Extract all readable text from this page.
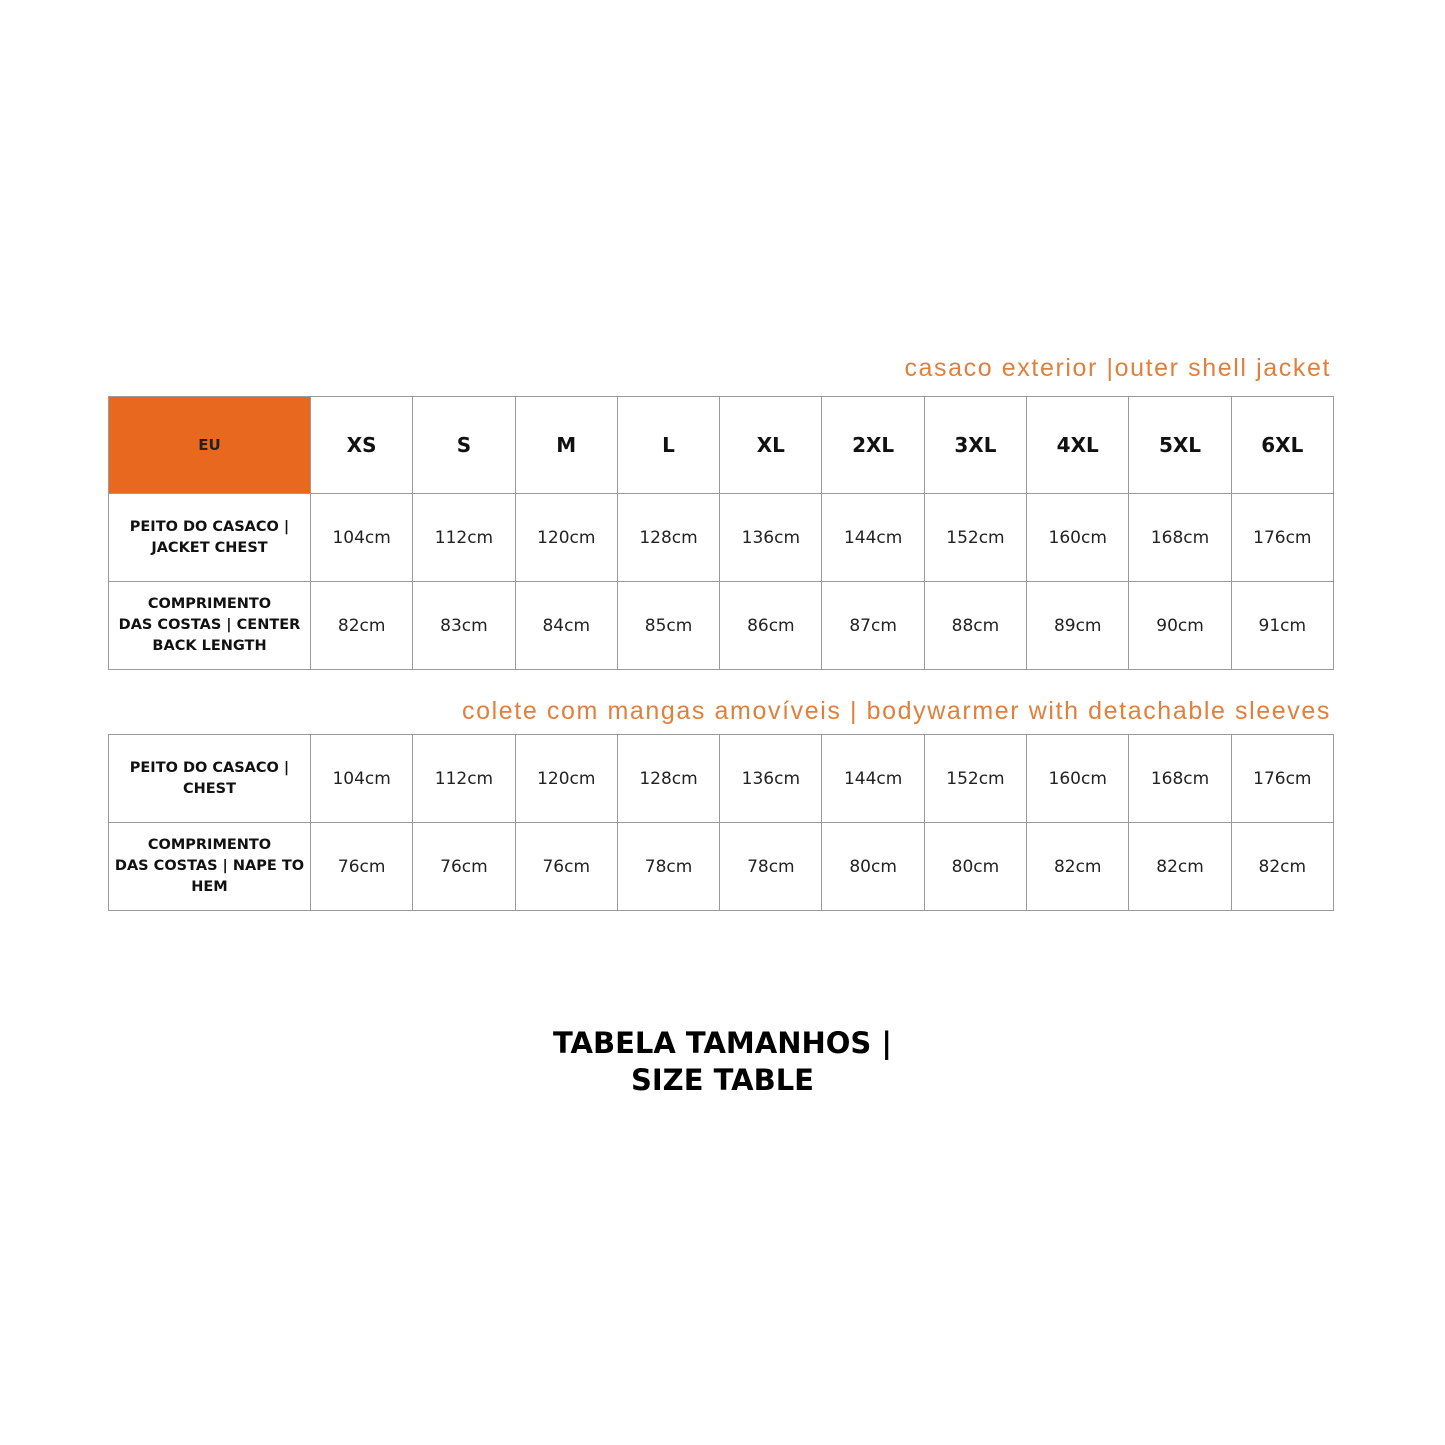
casaco exterior |outer shell jacket
EU	XS	S	M	L	XL	2XL	3XL	4XL	5XL	6XL
PEITO DO CASACO |
JACKET CHEST	104cm	112cm	120cm	128cm	136cm	144cm	152cm	160cm	168cm	176cm
COMPRIMENTO
DAS COSTAS | CENTER
BACK LENGTH	82cm	83cm	84cm	85cm	86cm	87cm	88cm	89cm	90cm	91cm
colete com mangas amovíveis | bodywarmer with detachable sleeves
PEITO DO CASACO |
CHEST	104cm	112cm	120cm	128cm	136cm	144cm	152cm	160cm	168cm	176cm
COMPRIMENTO
DAS COSTAS | NAPE TO
HEM	76cm	76cm	76cm	78cm	78cm	80cm	80cm	82cm	82cm	82cm
TABELA TAMANHOS |
SIZE TABLE
